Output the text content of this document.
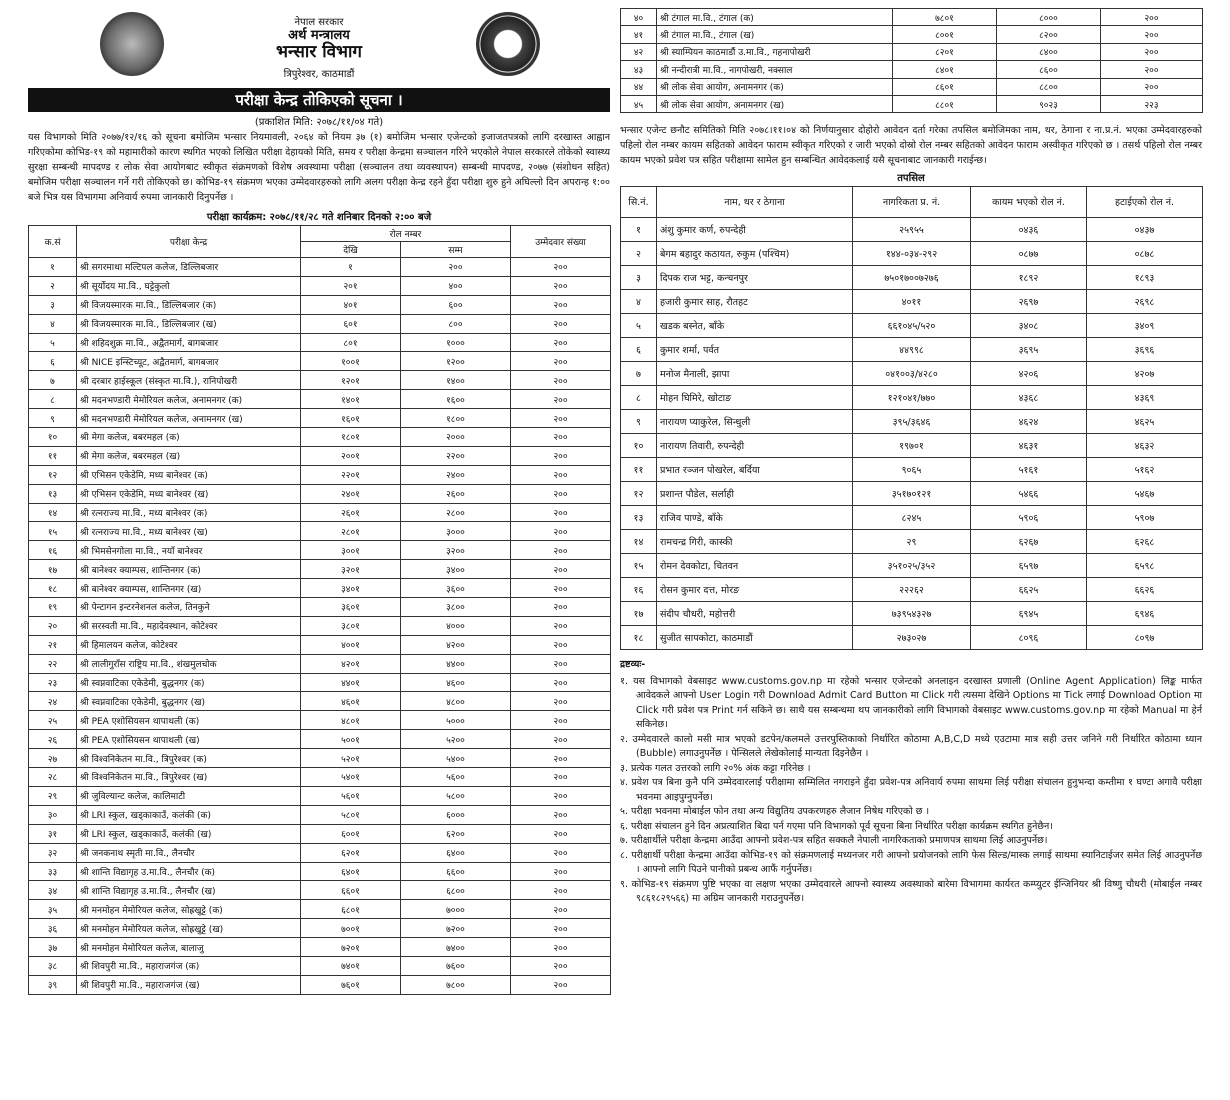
नेपाल सरकार
अर्थ मन्त्रालय
भन्सार विभाग
त्रिपुरेश्वर, काठमाडौं
परीक्षा केन्द्र तोकिएको सूचना ।
(प्रकाशित मिति: २०७८/११/०४ गते)
यस विभागको मिति २०७७/१२/१६ को सूचना बमोजिम भन्सार नियमावली, २०६४ को नियम ३७ (१) बमोजिम भन्सार एजेन्टको इजाजतपत्रको लागि दरखास्त आह्वान गरिएकोमा कोभिड-१९ को महामारीको कारण स्थगित भएको लिखित परीक्षा देहायको मिति, समय र परीक्षा केन्द्रमा सञ्चालन गरिने भएकोले नेपाल सरकारले तोकेको स्वास्थ्य सुरक्षा सम्बन्धी मापदण्ड र लोक सेवा आयोगबाट स्वीकृत संक्रमणको विशेष अवस्थामा परीक्षा (सञ्चालन तथा व्यवस्थापन) सम्बन्धी मापदण्ड, २०७७ (संशोधन सहित) बमोजिम परीक्षा सञ्चालन गर्ने गरी तोकिएको छ। कोभिड-१९ संक्रमण भएका उम्मेदवारहरुको लागि अलग परीक्षा केन्द्र रहने हुँदा परीक्षा शुरु हुने अघिल्लो दिन अपरान्ह १:०० बजे भित्र यस विभागमा अनिवार्य रुपमा जानकारी दिनुपर्नेछ ।
परीक्षा कार्यक्रम: २०७८/११/२८ गते शनिबार दिनको २:०० बजे
क.सं	परीक्षा केन्द्र	रोल नम्बर		उम्मेदवार संख्या
		देखि	सम्म	
१	श्री सगरमाथा मल्टिपल कलेज, डिल्लिबजार	१	२००	२००
२	श्री सूर्योदय मा.वि., घट्टेकुलो	२०१	४००	२००
३	श्री विजयस्मारक मा.वि., डिल्लिबजार (क)	४०१	६००	२००
४	श्री विजयस्मारक मा.वि., डिल्लिबजार (ख)	६०१	८००	२००
५	श्री शहिदशुक्र मा.वि., अद्वैतमार्ग, बागबजार	८०१	१०००	२००
६	श्री NICE इन्स्टिच्यूट, अद्वैतमार्ग, बागबजार	१००१	१२००	२००
७	श्री दरबार हाईस्कूल (संस्कृत मा.वि.), रानिपोखरी	१२०१	१४००	२००
८	श्री मदनभण्डारी मेमोरियल कलेज, अनामनगर (क)	१४०१	१६००	२००
९	श्री मदनभण्डारी मेमोरियल कलेज, अनामनगर (ख)	१६०१	१८००	२००
१०	श्री मेगा कलेज, बबरमहल (क)	१८०१	२०००	२००
११	श्री मेगा कलेज, बबरमहल (ख)	२००१	२२००	२००
१२	श्री एभिसन एकेडेमि, मध्य बानेश्वर (क)	२२०१	२४००	२००
१३	श्री एभिसन एकेडेमि, मध्य बानेश्वर (ख)	२४०१	२६००	२००
१४	श्री रत्नराज्य मा.वि., मध्य बानेश्वर (क)	२६०१	२८००	२००
१५	श्री रत्नराज्य मा.वि., मध्य बानेश्वर (ख)	२८०१	३०००	२००
१६	श्री भिमसेनगोला मा.वि., नयाँ बानेश्वर	३००१	३२००	२००
१७	श्री बानेश्वर क्याम्पस, शान्तिनगर (क)	३२०१	३४००	२००
१८	श्री बानेश्वर क्याम्पस, शान्तिनगर (ख)	३४०१	३६००	२००
१९	श्री पेन्टागन इन्टरनेशनल कलेज, तिनकुने	३६०१	३८००	२००
२०	श्री सरस्वती मा.वि., महादेवस्थान, कोटेश्वर	३८०१	४०००	२००
२१	श्री हिमालयन कलेज, कोटेश्वर	४००१	४२००	२००
२२	श्री लालीगुराँस राष्ट्रिय मा.वि., शंखमुलचोक	४२०१	४४००	२००
२३	श्री स्वप्नवाटिका एकेडेमी, बुद्धनगर (क)	४४०१	४६००	२००
२४	श्री स्वप्नवाटिका एकेडेमी, बुद्धनगर (ख)	४६०१	४८००	२००
२५	श्री PEA एशोसियसन थापाथली (क)	४८०१	५०००	२००
२६	श्री PEA एशोसियसन थापाथली (ख)	५००१	५२००	२००
२७	श्री विश्वनिकेतन मा.वि., त्रिपुरेश्वर (क)	५२०१	५४००	२००
२८	श्री विश्वनिकेतन मा.वि., त्रिपुरेश्वर (ख)	५४०१	५६००	२००
२९	श्री जुविल्यान्ट कलेज, कालिमाटी	५६०१	५८००	२००
३०	श्री LRI स्कुल, खड्काकाउँ, कलंकी (क)	५८०१	६०००	२००
३१	श्री LRI स्कुल, खड्काकाउँ, कलंकी (ख)	६००१	६२००	२००
३२	श्री जनकनाथ स्मृती मा.वि., लैनचौर	६२०१	६४००	२००
३३	श्री शान्ति विद्यागृह उ.मा.वि., लैनचौर (क)	६४०१	६६००	२००
३४	श्री शान्ति विद्यागृह उ.मा.वि., लैनचौर (ख)	६६०१	६८००	२००
३५	श्री मनमोहन मेमोरियल कलेज, सोह्रखुट्टे (क)	६८०१	७०००	२००
३६	श्री मनमोहन मेमोरियल कलेज, सोह्रखुट्टे (ख)	७००१	७२००	२००
३७	श्री मनमोहन मेमोरियल कलेज, बालाजु	७२०१	७४००	२००
३८	श्री शिवपुरी मा.वि., महाराजगंज (क)	७४०१	७६००	२००
३९	श्री शिवपुरी मा.वि., महाराजगंज (ख)	७६०१	७८००	२००
४०	श्री टंगाल मा.वि., टंगाल (क)	७८०१	८०००	२००
४१	श्री टंगाल मा.वि., टंगाल (ख)	८००१	८२००	२००
४२	श्री स्याम्पियन काठमाडौं उ.मा.वि., गहनापोखरी	८२०१	८४००	२००
४३	श्री नन्दीरात्री मा.वि., नागपोखरी, नक्साल	८४०१	८६००	२००
४४	श्री लोक सेवा आयोग, अनामनगर (क)	८६०१	८८००	२००
४५	श्री लोक सेवा आयोग, अनामनगर (ख)	८८०१	९०२३	२२३
भन्सार एजेन्ट छनौट समितिको मिति २०७८।११।०४ को निर्णयानुसार दोहोरो आवेदन दर्ता गरेका तपसिल बमोजिमका नाम, थर, ठेगाना र ना.प्र.नं. भएका उम्मेदवारहरुको पहिलो रोल नम्बर कायम सहितको आवेदन फाराम स्वीकृत गरिएको र जारी भएको दोस्रो रोल नम्बर सहितको आवेदन फाराम अस्वीकृत गरिएको छ । तसर्थ पहिलो रोल नम्बर कायम भएको प्रवेश पत्र सहित परीक्षामा सामेल हुन सम्बन्धित आवेदकलाई यसै सूचनाबाट जानकारी गराईन्छ।
तपसिल
सि.नं.	नाम, थर र ठेगाना	नागरिकता प्र. नं.	कायम भएको रोल नं.	हटाईएको रोल नं.
१	अंशु कुमार कर्ण, रुपन्देही	२५९५५	०४३६	०४३७
२	बेगम बहादुर कठायत, रुकुम (पश्चिम)	१४४-०३४-२९२	०८७७	०८७८
३	दिपक राज भट्ट, कन्चनपुर	७५०१७००७२७६	१८९२	१८९३
४	हजारी कुमार साह, रौतहट	४०११	२६९७	२६९८
५	खडक बस्नेत, बाँके	६६१०४५/५२०	३४०८	३४०९
६	कुमार शर्मा, पर्वत	४४९९८	३६९५	३६९६
७	मनोज मैनाली, झापा	०४१००३/४२८०	४२०६	४२०७
८	मोहन घिमिरे, खोटाङ	१२१०४१/७७०	४३६८	४३६९
९	नारायण प्याकुरेल, सिन्धुली	३९५/३६४६	४६२४	४६२५
१०	नारायण तिवारी, रुपन्देही	१९७०१	४६३१	४६३२
११	प्रभात रञ्जन पोखरेल, बर्दिया	९०६५	५१६१	५१६२
१२	प्रशान्त पौडेल, सर्लाही	३५१७०१२१	५४६६	५४६७
१३	राजिव पाण्डे, बाँके	८२४५	५९०६	५९०७
१४	रामचन्द्र गिरी, कास्की	२९	६२६७	६२६८
१५	रोमन देवकोटा, चितवन	३५१०२५/३५२	६५९७	६५९८
१६	रोसन कुमार दत्त, मोरङ	२२२६२	६६२५	६६२६
१७	संदीप चौधरी, महोत्तरी	७३९५४३२७	६९४५	६९४६
१८	सुजीत सापकोटा, काठमाडौं	२७३०२७	८०९६	८०९७
द्रष्टव्यः-
१. यस विभागको वेबसाइट www.customs.gov.np मा रहेको भन्सार एजेन्टको अनलाइन दरखास्त प्रणाली (Online Agent Application) लिङ्क मार्फत आवेदकले आफ्नो User Login गरी Download Admit Card Button मा Click गरी त्यसमा देखिने Options मा Tick लगाई Download Option मा Click गरी प्रवेश पत्र Print गर्न सकिने छ। साथै यस सम्बन्धमा थप जानकारीको लागि विभागको वेबसाइट www.customs.gov.np मा रहेको Manual मा हेर्न सकिनेछ।
२. उम्मेदवारले कालो मसी मात्र भएको डटपेन/कलमले उत्तरपुस्तिकाको निर्धारित कोठामा A,B,C,D मध्ये एउटामा मात्र सही उत्तर जनिने गरी निर्धारित कोठामा ध्यान (Bubble) लगाउनुपर्नेछ । पेन्सिलले लेखेकोलाई मान्यता दिइनेछैन ।
३. प्रत्येक गलत उत्तरको लागि २०% अंक कट्टा गरिनेछ ।
४. प्रवेश पत्र बिना कुनै पनि उम्मेदवारलाई परीक्षामा सम्मिलित नगराइने हुँदा प्रवेश-पत्र अनिवार्य रुपमा साथमा लिई परीक्षा संचालन हुनुभन्दा कम्तीमा १ घण्टा अगावै परीक्षा भवनमा आइपुग्नुपर्नेछ।
५. परीक्षा भवनमा मोबाईल फोन तथा अन्य विद्युतिय उपकरणहरु लैजान निषेध गरिएको छ ।
६. परीक्षा संचालन हुने दिन अप्रत्याशित बिदा पर्न गएमा पनि विभागको पूर्व सूचना बिना निर्धारित परीक्षा कार्यक्रम स्थगित हुनेछैन।
७. परीक्षार्थीले परीक्षा केन्द्रमा आउँदा आफ्नो प्रवेश-पत्र सहित सक्कलै नेपाली नागरिकताको प्रमाणपत्र साथमा लिई आउनुपर्नेछ।
८. परीक्षार्थी परीक्षा केन्द्रमा आउँदा कोभिड-१९ को संक्रमणलाई मध्यनजर गरी आफ्नो प्रयोजनको लागि फेस सिल्ड/मास्क लगाई साथमा स्यानिटाईजर समेत लिई आउनुपर्नेछ । आफ्नो लागि पिउने पानीको प्रबन्ध आफैं गर्नुपर्नेछ।
९. कोभिड-१९ संक्रमण पुष्टि भएका वा लक्षण भएका उम्मेदवारले आफ्नो स्वास्थ्य अवस्थाको बारेमा विभागमा कार्यरत कम्प्युटर ईन्जिनियर श्री विष्णु चौधरी (मोबाईल नम्बर ९८६१८२९५६६) मा अग्रिम जानकारी गराउनुपर्नेछ।
